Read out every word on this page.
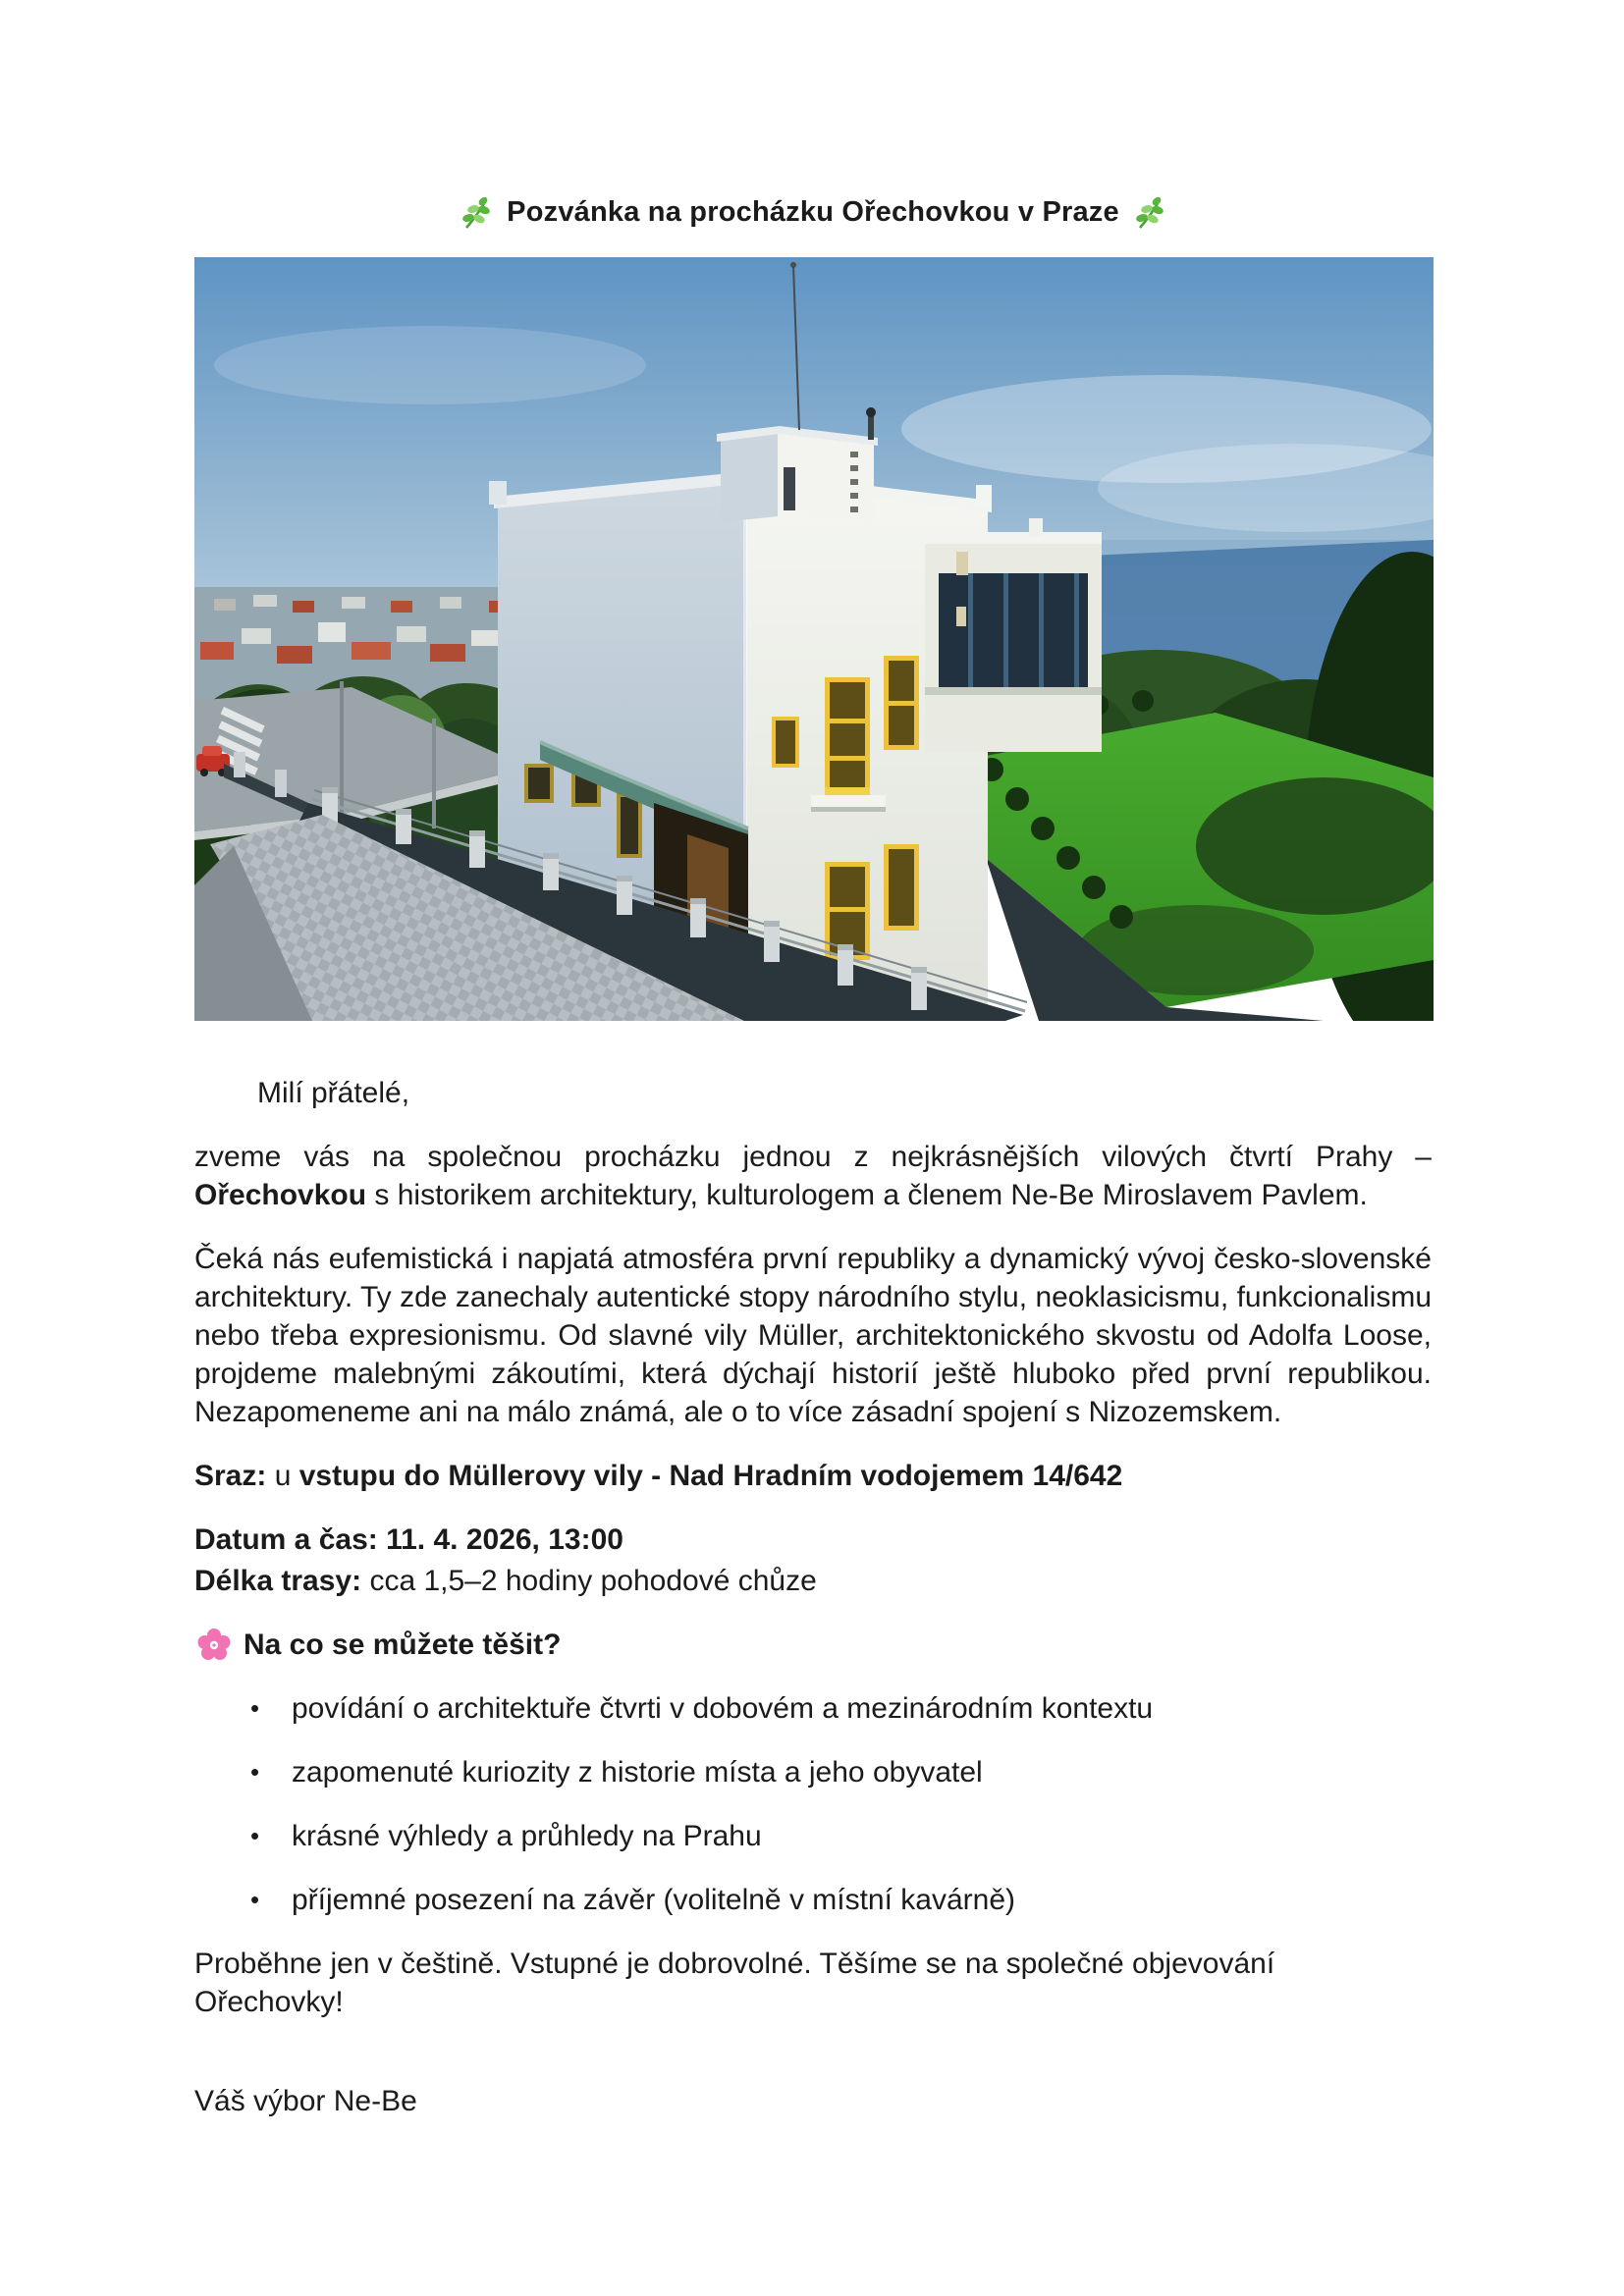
Pozvánka na procházku Ořechovkou v Praze

Milí přátelé,

zveme vás na společnou procházku jednou z nejkrásnějších vilových čtvrtí Prahy – Ořechovkou s historikem architektury, kulturologem a členem Ne-Be Miroslavem Pavlem.

Čeká nás eufemistická i napjatá atmosféra první republiky a dynamický vývoj česko-slovenské architektury. Ty zde zanechaly autentické stopy národního stylu, neoklasicismu, funkcionalismu nebo třeba expresionismu. Od slavné vily Müller, architektonického skvostu od Adolfa Loose, projdeme malebnými zákoutími, která dýchají historií ještě hluboko před první republikou. Nezapomeneme ani na málo známá, ale o to více zásadní spojení s Nizozemskem.

Sraz: u vstupu do Müllerovy vily - Nad Hradním vodojemem 14/642

Datum a čas: 11. 4. 2026, 13:00

Délka trasy: cca 1,5–2 hodiny pohodové chůze

Na co se můžete těšit?
•	povídání o architektuře čtvrti v dobovém a mezinárodním kontextu
•	zapomenuté kuriozity z historie místa a jeho obyvatel
•	krásné výhledy a průhledy na Prahu
•	příjemné posezení na závěr (volitelně v místní kavárně)

Proběhne jen v češtině. Vstupné je dobrovolné. Těšíme se na společné objevování Ořechovky!

Váš výbor Ne-Be
